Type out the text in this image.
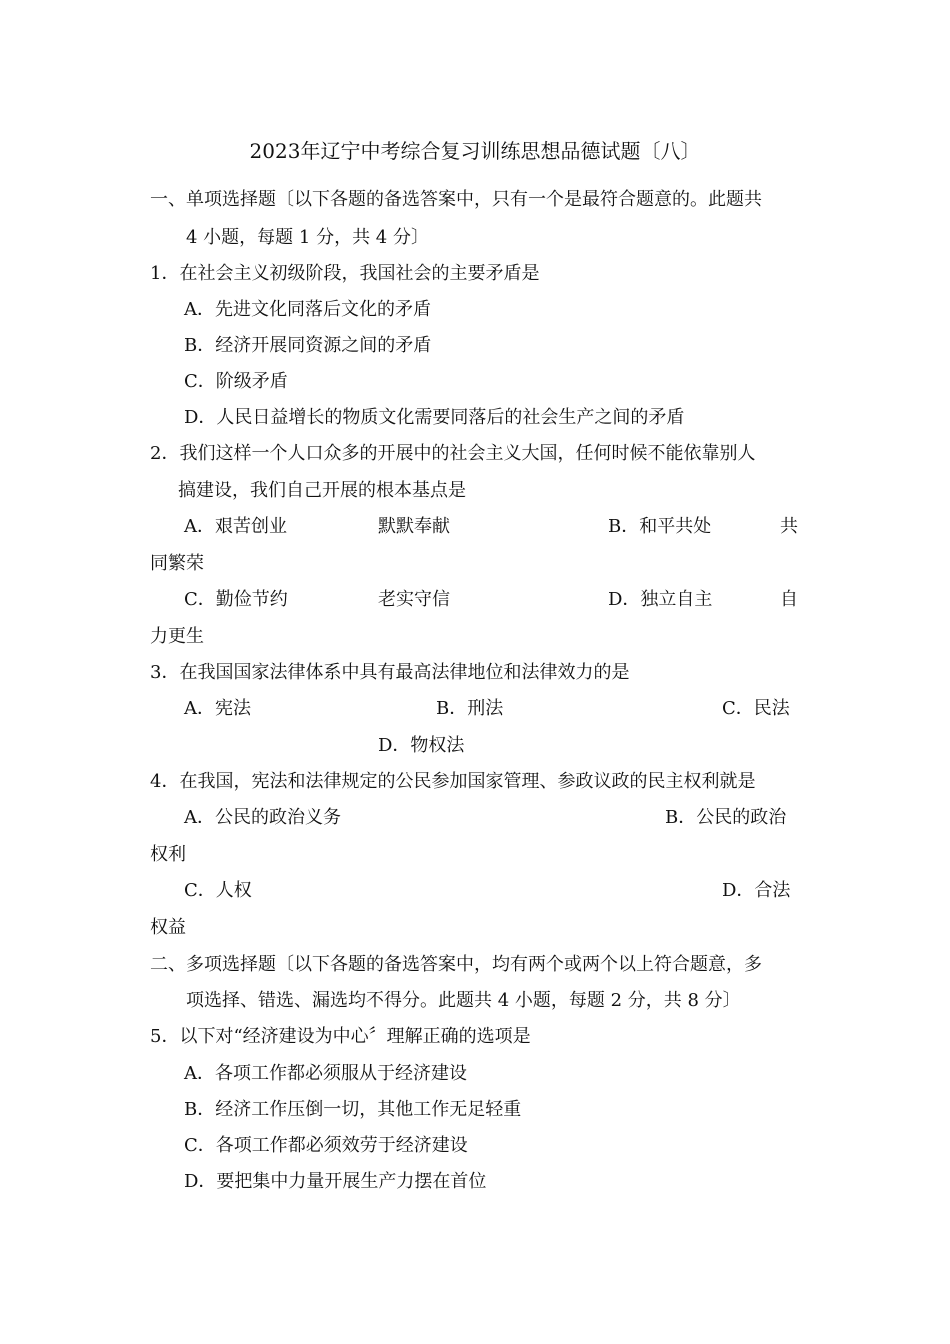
2023年辽宁中考综合复习训练思想品德试题〔八〕
一、单项选择题〔以下各题的备选答案中，只有一个是最符合题意的。此题共
4 小题，每题 1 分，共 4 分〕
1．在社会主义初级阶段，我国社会的主要矛盾是
A．先进文化同落后文化的矛盾
B．经济开展同资源之间的矛盾
C．阶级矛盾
D．人民日益增长的物质文化需要同落后的社会生产之间的矛盾
2．我们这样一个人口众多的开展中的社会主义大国，任何时候不能依靠别人
搞建设，我们自己开展的根本基点是
A．艰苦创业	默默奉献	B．和平共处	共
同繁荣
C．勤俭节约	老实守信	D．独立自主	自
力更生
3．在我国国家法律体系中具有最高法律地位和法律效力的是
A．宪法	B．刑法	C．民法
D．物权法
4．在我国，宪法和法律规定的公民参加国家管理、参政议政的民主权利就是
A．公民的政治义务	B．公民的政治
权利
C．人权	D．合法
权益
二、多项选择题〔以下各题的备选答案中，均有两个或两个以上符合题意，多
项选择、错选、漏选均不得分。此题共 4 小题，每题 2 分，共 8 分〕
5．以下对“经济建设为中心〞理解正确的选项是
A．各项工作都必须服从于经济建设
B．经济工作压倒一切，其他工作无足轻重
C．各项工作都必须效劳于经济建设
D．要把集中力量开展生产力摆在首位
